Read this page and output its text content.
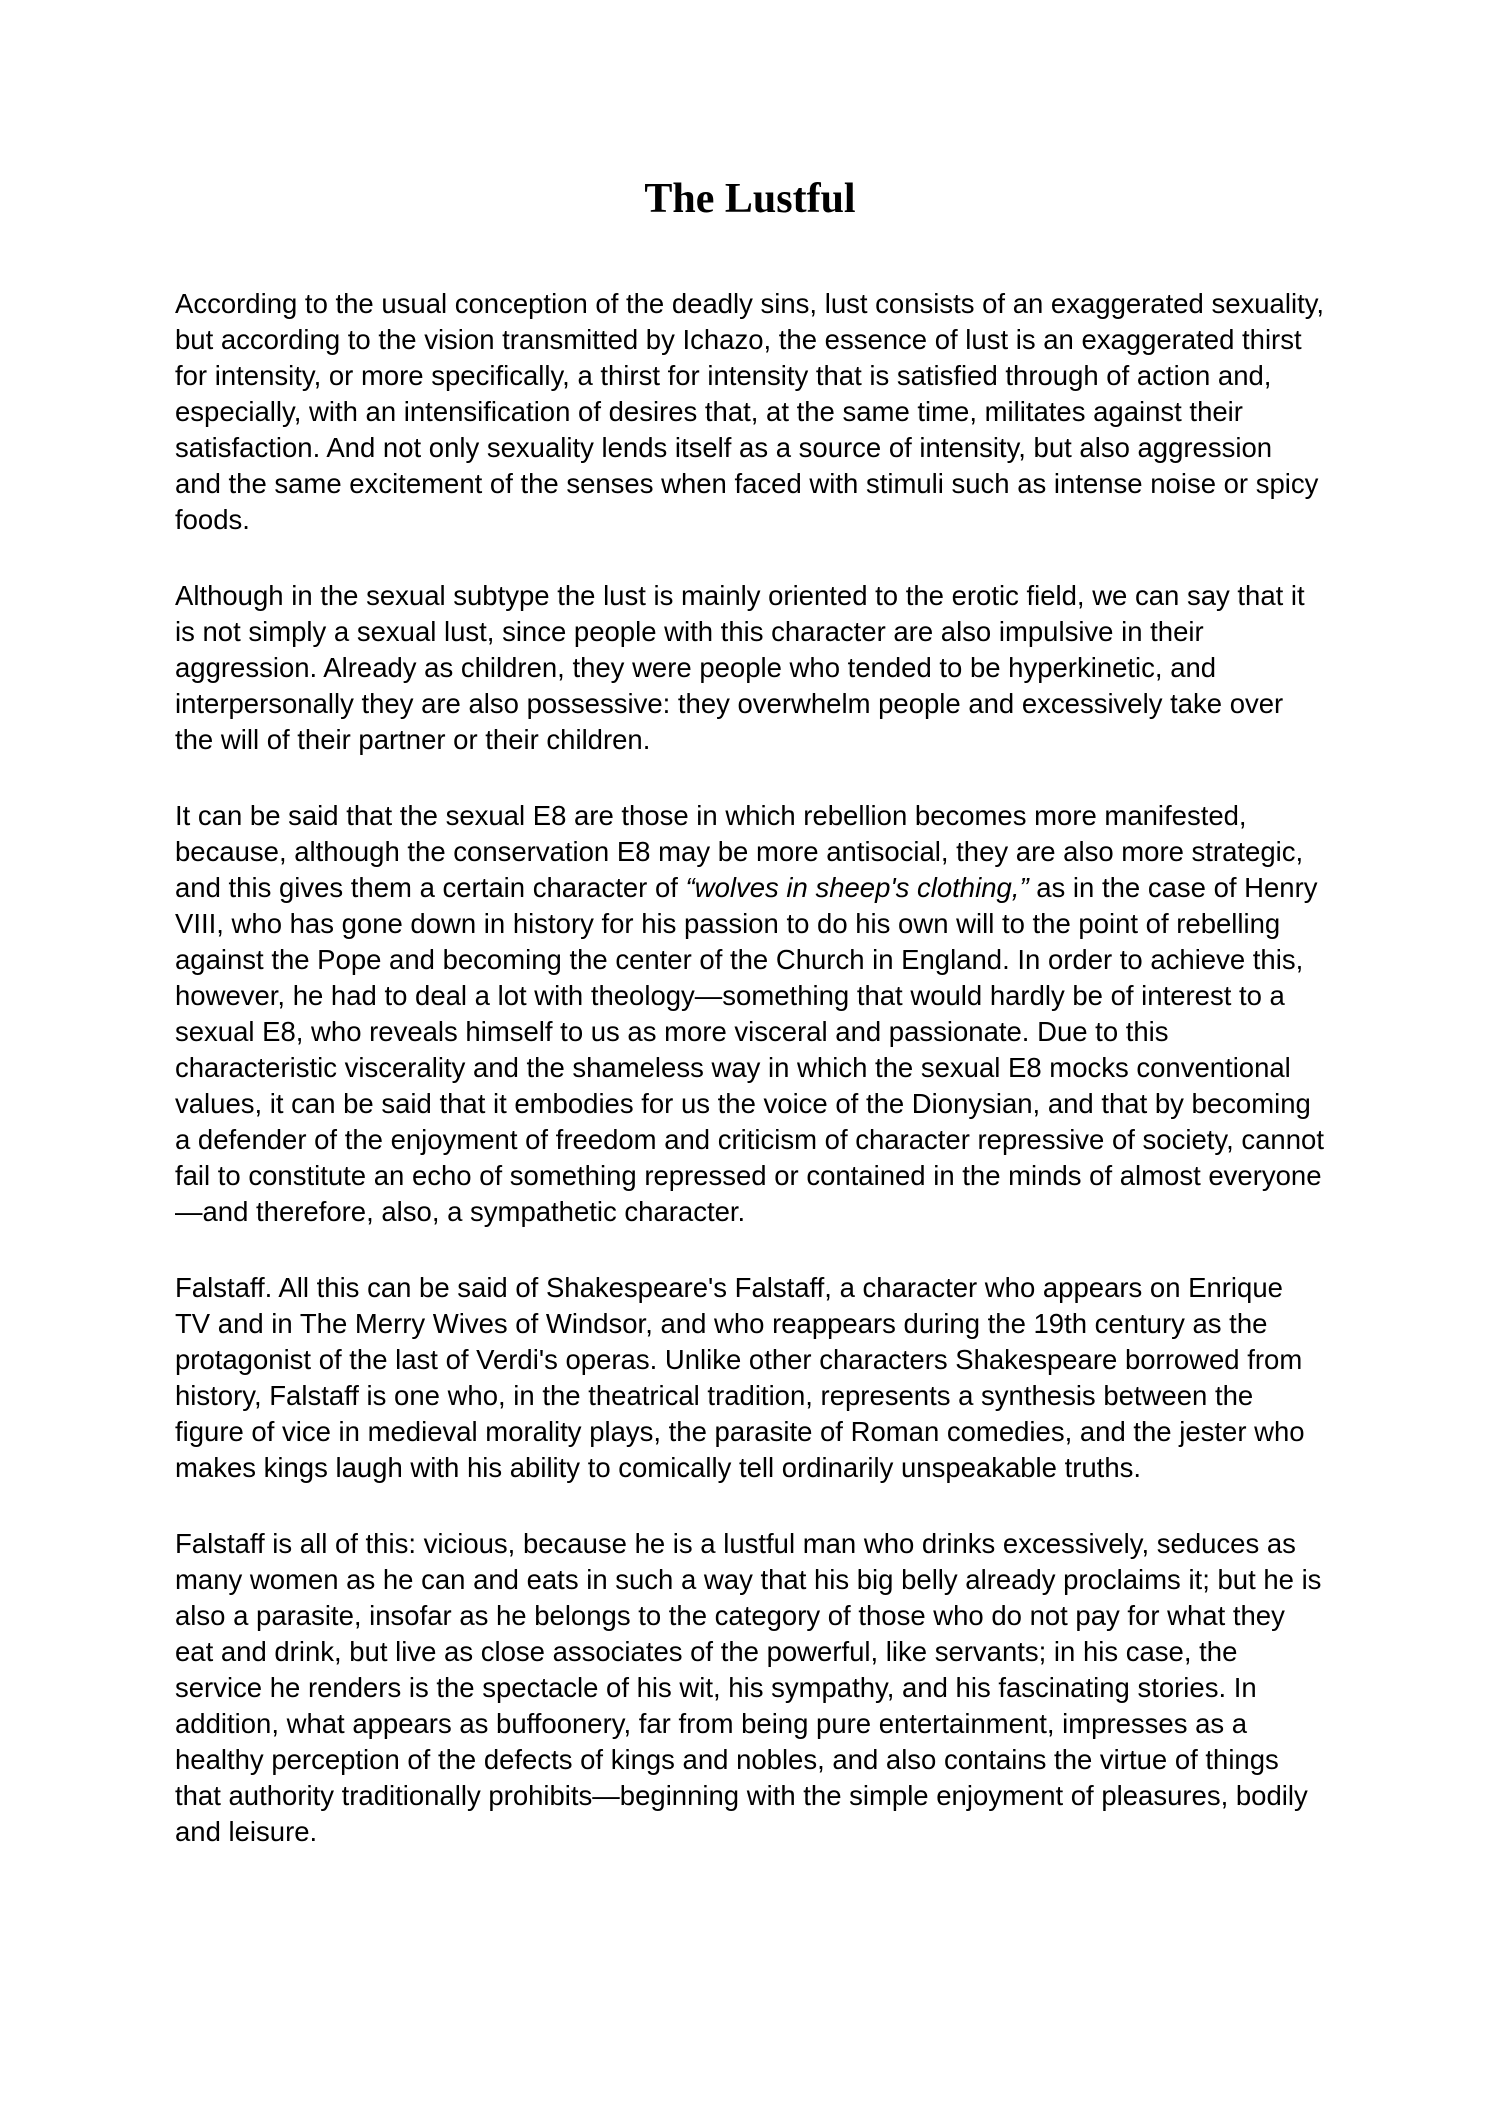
The Lustful

According to the usual conception of the deadly sins, lust consists of an exaggerated sexuality, but according to the vision transmitted by Ichazo, the essence of lust is an exaggerated thirst for intensity, or more specifically, a thirst for intensity that is satisfied through of action and, especially, with an intensification of desires that, at the same time, militates against their satisfaction. And not only sexuality lends itself as a source of intensity, but also aggression and the same excitement of the senses when faced with stimuli such as intense noise or spicy foods.

Although in the sexual subtype the lust is mainly oriented to the erotic field, we can say that it is not simply a sexual lust, since people with this character are also impulsive in their aggression. Already as children, they were people who tended to be hyperkinetic, and interpersonally they are also possessive: they overwhelm people and excessively take over the will of their partner or their children.

It can be said that the sexual E8 are those in which rebellion becomes more manifested, because, although the conservation E8 may be more antisocial, they are also more strategic, and this gives them a certain character of “wolves in sheep's clothing,” as in the case of Henry VIII, who has gone down in history for his passion to do his own will to the point of rebelling against the Pope and becoming the center of the Church in England. In order to achieve this, however, he had to deal a lot with theology—something that would hardly be of interest to a sexual E8, who reveals himself to us as more visceral and passionate. Due to this characteristic viscerality and the shameless way in which the sexual E8 mocks conventional values, it can be said that it embodies for us the voice of the Dionysian, and that by becoming a defender of the enjoyment of freedom and criticism of character repressive of society, cannot fail to constitute an echo of something repressed or contained in the minds of almost everyone—and therefore, also, a sympathetic character.

Falstaff. All this can be said of Shakespeare's Falstaff, a character who appears on Enrique TV and in The Merry Wives of Windsor, and who reappears during the 19th century as the protagonist of the last of Verdi's operas. Unlike other characters Shakespeare borrowed from history, Falstaff is one who, in the theatrical tradition, represents a synthesis between the figure of vice in medieval morality plays, the parasite of Roman comedies, and the jester who makes kings laugh with his ability to comically tell ordinarily unspeakable truths.

Falstaff is all of this: vicious, because he is a lustful man who drinks excessively, seduces as many women as he can and eats in such a way that his big belly already proclaims it; but he is also a parasite, insofar as he belongs to the category of those who do not pay for what they eat and drink, but live as close associates of the powerful, like servants; in his case, the service he renders is the spectacle of his wit, his sympathy, and his fascinating stories. In addition, what appears as buffoonery, far from being pure entertainment, impresses as a healthy perception of the defects of kings and nobles, and also contains the virtue of things that authority traditionally prohibits—beginning with the simple enjoyment of pleasures, bodily and leisure.
